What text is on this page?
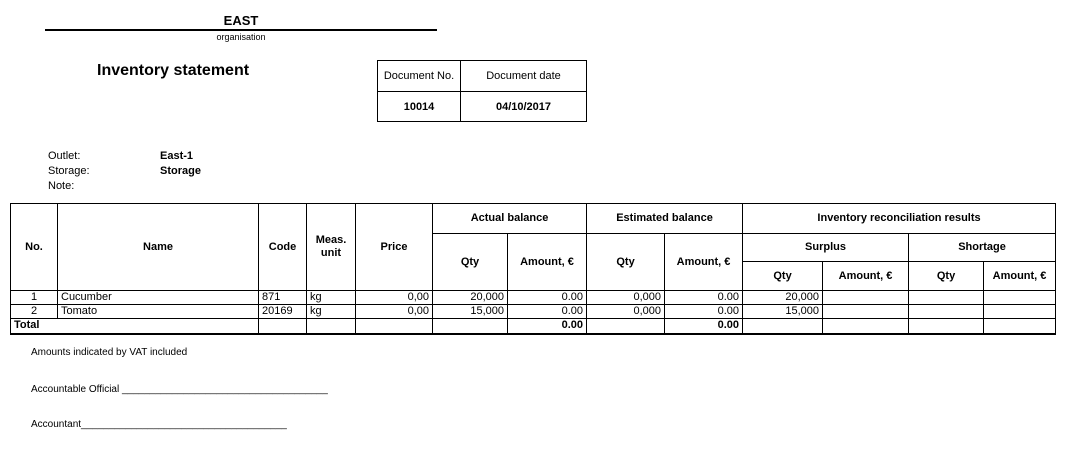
EAST
organisation
Inventory statement	Document No.	Document date
10014	04/10/2017
Outlet:	East-1
Storage:	Storage
Note:
No.	Name	Code	Meas. unit	Price	Actual balance		Estimated balance		Inventory reconciliation results			
					Qty	Amount, €	Qty	Amount, €	Surplus		Shortage	
									Qty	Amount, €	Qty	Amount, €
1	Cucumber	871	kg	0,00	20,000	0.00	0,000	0.00	20,000			
2	Tomato	20169	kg	0,00	15,000	0.00	0,000	0.00	15,000			
Total						0.00		0.00				
Amounts indicated by VAT included
Accountable Official _____________________________________
Accountant_____________________________________
